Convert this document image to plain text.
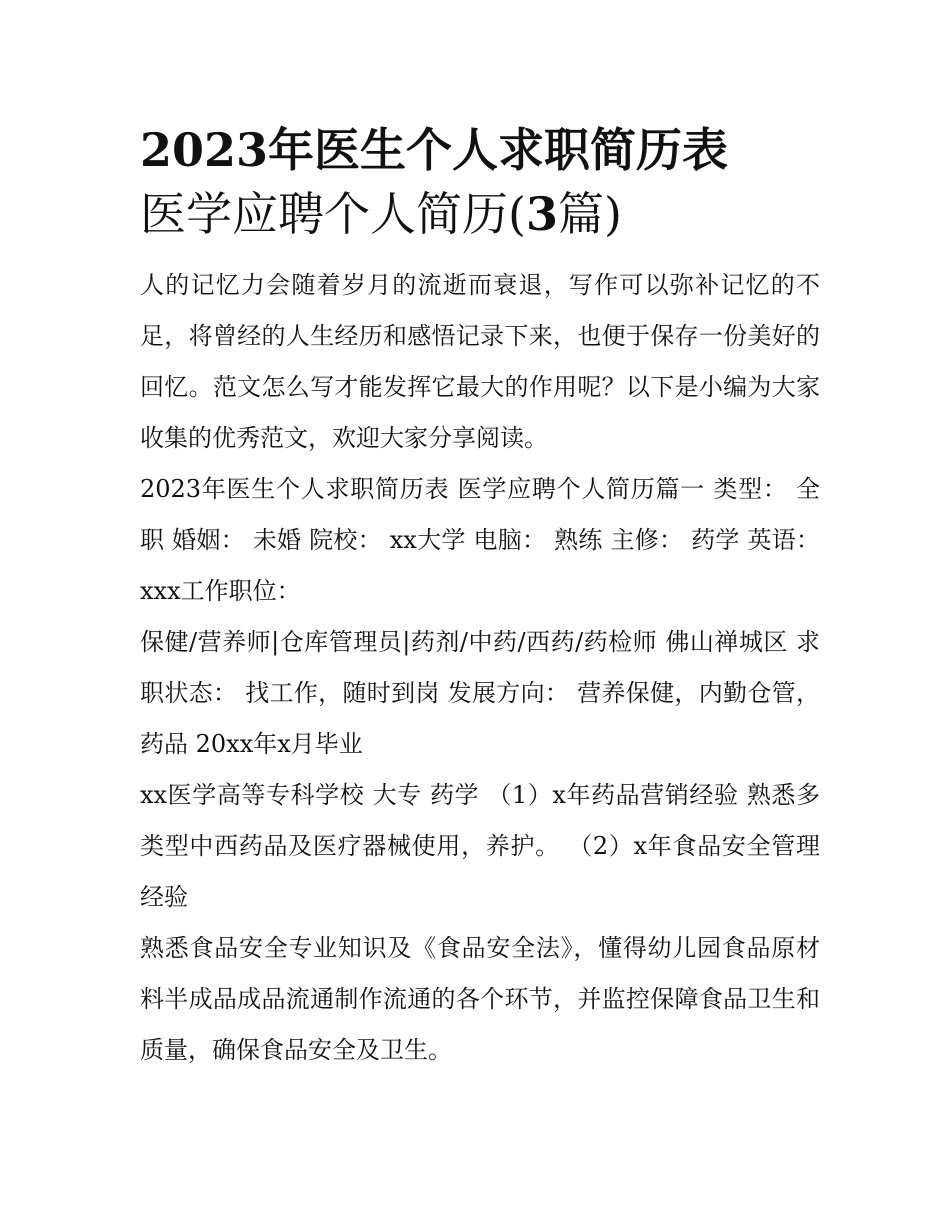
2023年医生个人求职简历表

医学应聘个人简历(3篇)

人的记忆力会随着岁月的流逝而衰退，写作可以弥补记忆的不足，将曾经的人生经历和感悟记录下来，也便于保存一份美好的回忆。范文怎么写才能发挥它最大的作用呢？以下是小编为大家收集的优秀范文，欢迎大家分享阅读。

2023年医生个人求职简历表 医学应聘个人简历篇一 类型： 全职 婚姻： 未婚 院校： xx大学 电脑： 熟练 主修： 药学 英语： xxx工作职位：

保健/营养师|仓库管理员|药剂/中药/西药/药检师 佛山禅城区 求职状态： 找工作，随时到岗 发展方向： 营养保健，内勤仓管，药品 20xx年x月毕业

xx医学高等专科学校 大专 药学 （1）x年药品营销经验 熟悉多类型中西药品及医疗器械使用，养护。 （2）x年食品安全管理经验

熟悉食品安全专业知识及《食品安全法》，懂得幼儿园食品原材料半成品成品流通制作流通的各个环节，并监控保障食品卫生和质量，确保食品安全及卫生。
